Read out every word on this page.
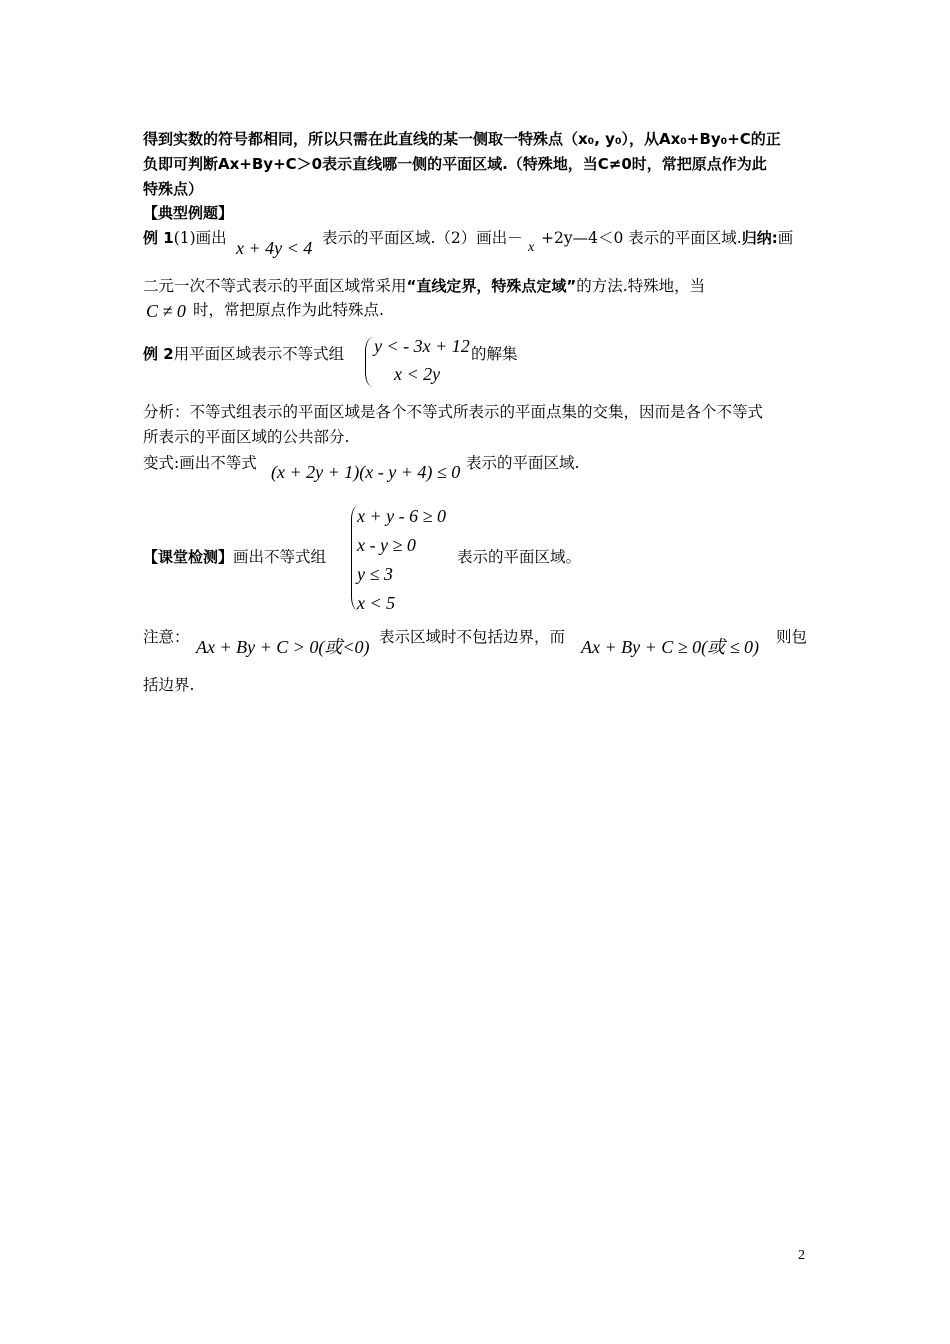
得到实数的符号都相同，所以只需在此直线的某一侧取一特殊点（x₀, y₀），从Ax₀+By₀+C的正
负即可判断Ax+By+C＞0表示直线哪一侧的平面区域.（特殊地，当C≠0时，常把原点作为此
特殊点）
【典型例题】
例 1(1)画出 x + 4y < 4 表示的平面区域.（2）画出－
x
+2y—4＜0 表示的平面区域.归纳:画
二元一次不等式表示的平面区域常采用“直线定界，特殊点定域”的方法.特殊地，当
C ≠ 0 时，常把原点作为此特殊点.
例 2用平面区域表示不等式组 y < - 3x + 12
x < 2y
的解集
分析：不等式组表示的平面区域是各个不等式所表示的平面点集的交集，因而是各个不等式
所表示的平面区域的公共部分.
变式:画出不等式 (x + 2y + 1)(x - y + 4) ≤ 0 表示的平面区域.
【课堂检测】画出不等式组
x + y - 6 ≥ 0
x - y ≥ 0
y ≤ 3
x < 5
表示的平面区域。
注意： Ax + By + C > 0(或<0) 表示区域时不包括边界，而 Ax + By + C ≥ 0(或 ≤ 0) 则包
括边界.
2
